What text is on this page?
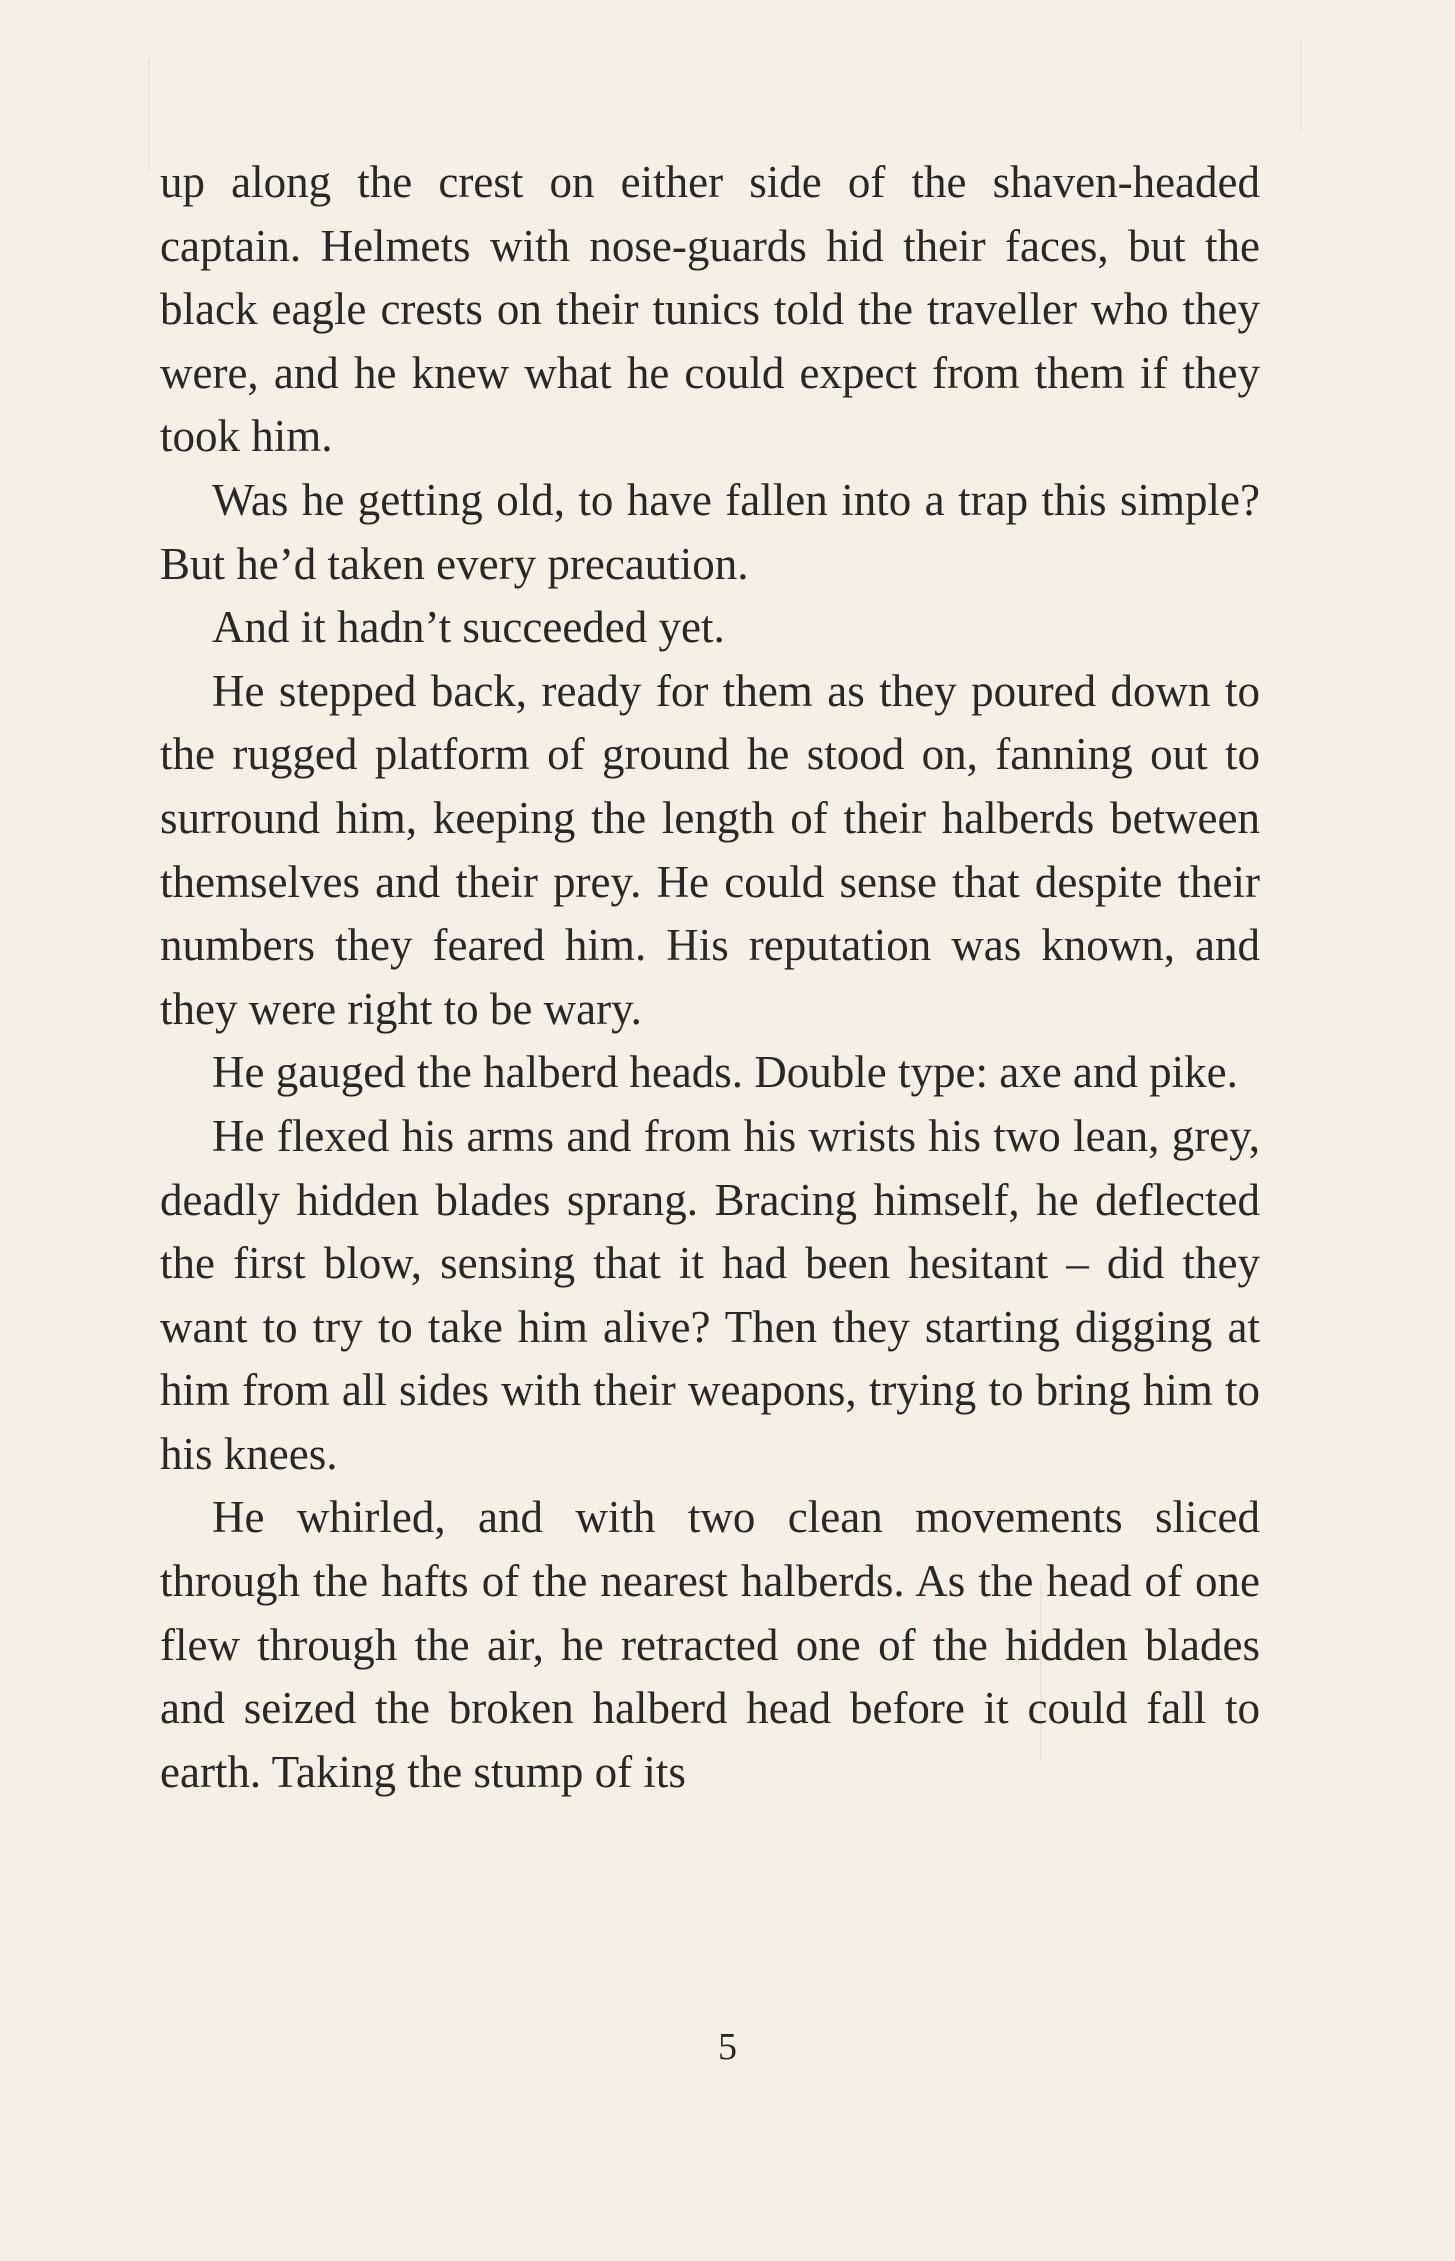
up along the crest on either side of the shaven-headed captain. Helmets with nose-guards hid their faces, but the black eagle crests on their tunics told the traveller who they were, and he knew what he could expect from them if they took him.

Was he getting old, to have fallen into a trap this simple? But he’d taken every precaution.

And it hadn’t succeeded yet.

He stepped back, ready for them as they poured down to the rugged platform of ground he stood on, fanning out to surround him, keeping the length of their halberds between themselves and their prey. He could sense that despite their numbers they feared him. His reputation was known, and they were right to be wary.

He gauged the halberd heads. Double type: axe and pike.

He flexed his arms and from his wrists his two lean, grey, deadly hidden blades sprang. Bracing himself, he deflected the first blow, sensing that it had been hesitant – did they want to try to take him alive? Then they starting digging at him from all sides with their weapons, trying to bring him to his knees.

He whirled, and with two clean movements sliced through the hafts of the nearest halberds. As the head of one flew through the air, he retracted one of the hidden blades and seized the broken halberd head before it could fall to earth. Taking the stump of its

5
